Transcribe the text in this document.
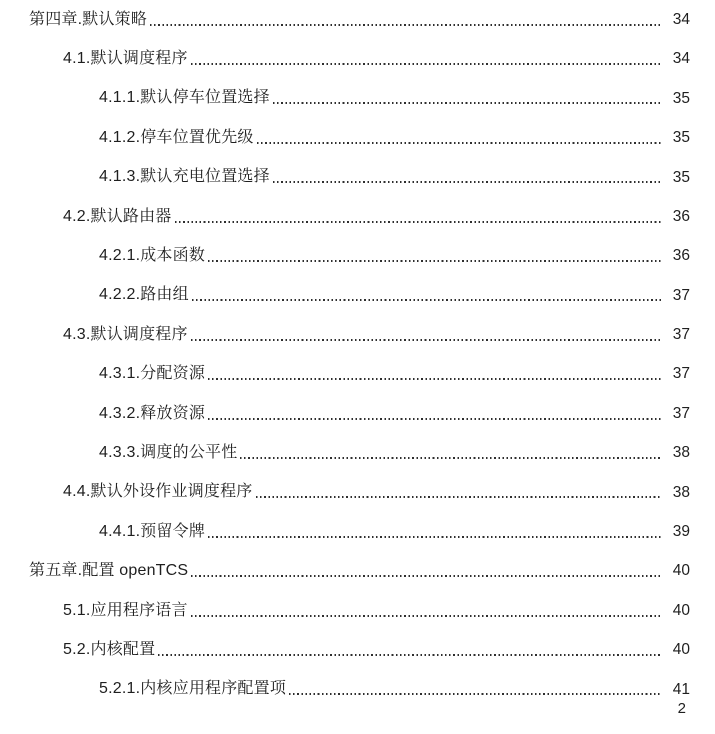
第四章.默认策略	34
4.1.默认调度程序	34
4.1.1.默认停车位置选择	35
4.1.2.停车位置优先级	35
4.1.3.默认充电位置选择	35
4.2.默认路由器	36
4.2.1.成本函数	36
4.2.2.路由组	37
4.3.默认调度程序	37
4.3.1.分配资源	37
4.3.2.释放资源	37
4.3.3.调度的公平性	38
4.4.默认外设作业调度程序	38
4.4.1.预留令牌	39
第五章.配置 openTCS	40
5.1.应用程序语言	40
5.2.内核配置	40
5.2.1.内核应用程序配置项	41
2
